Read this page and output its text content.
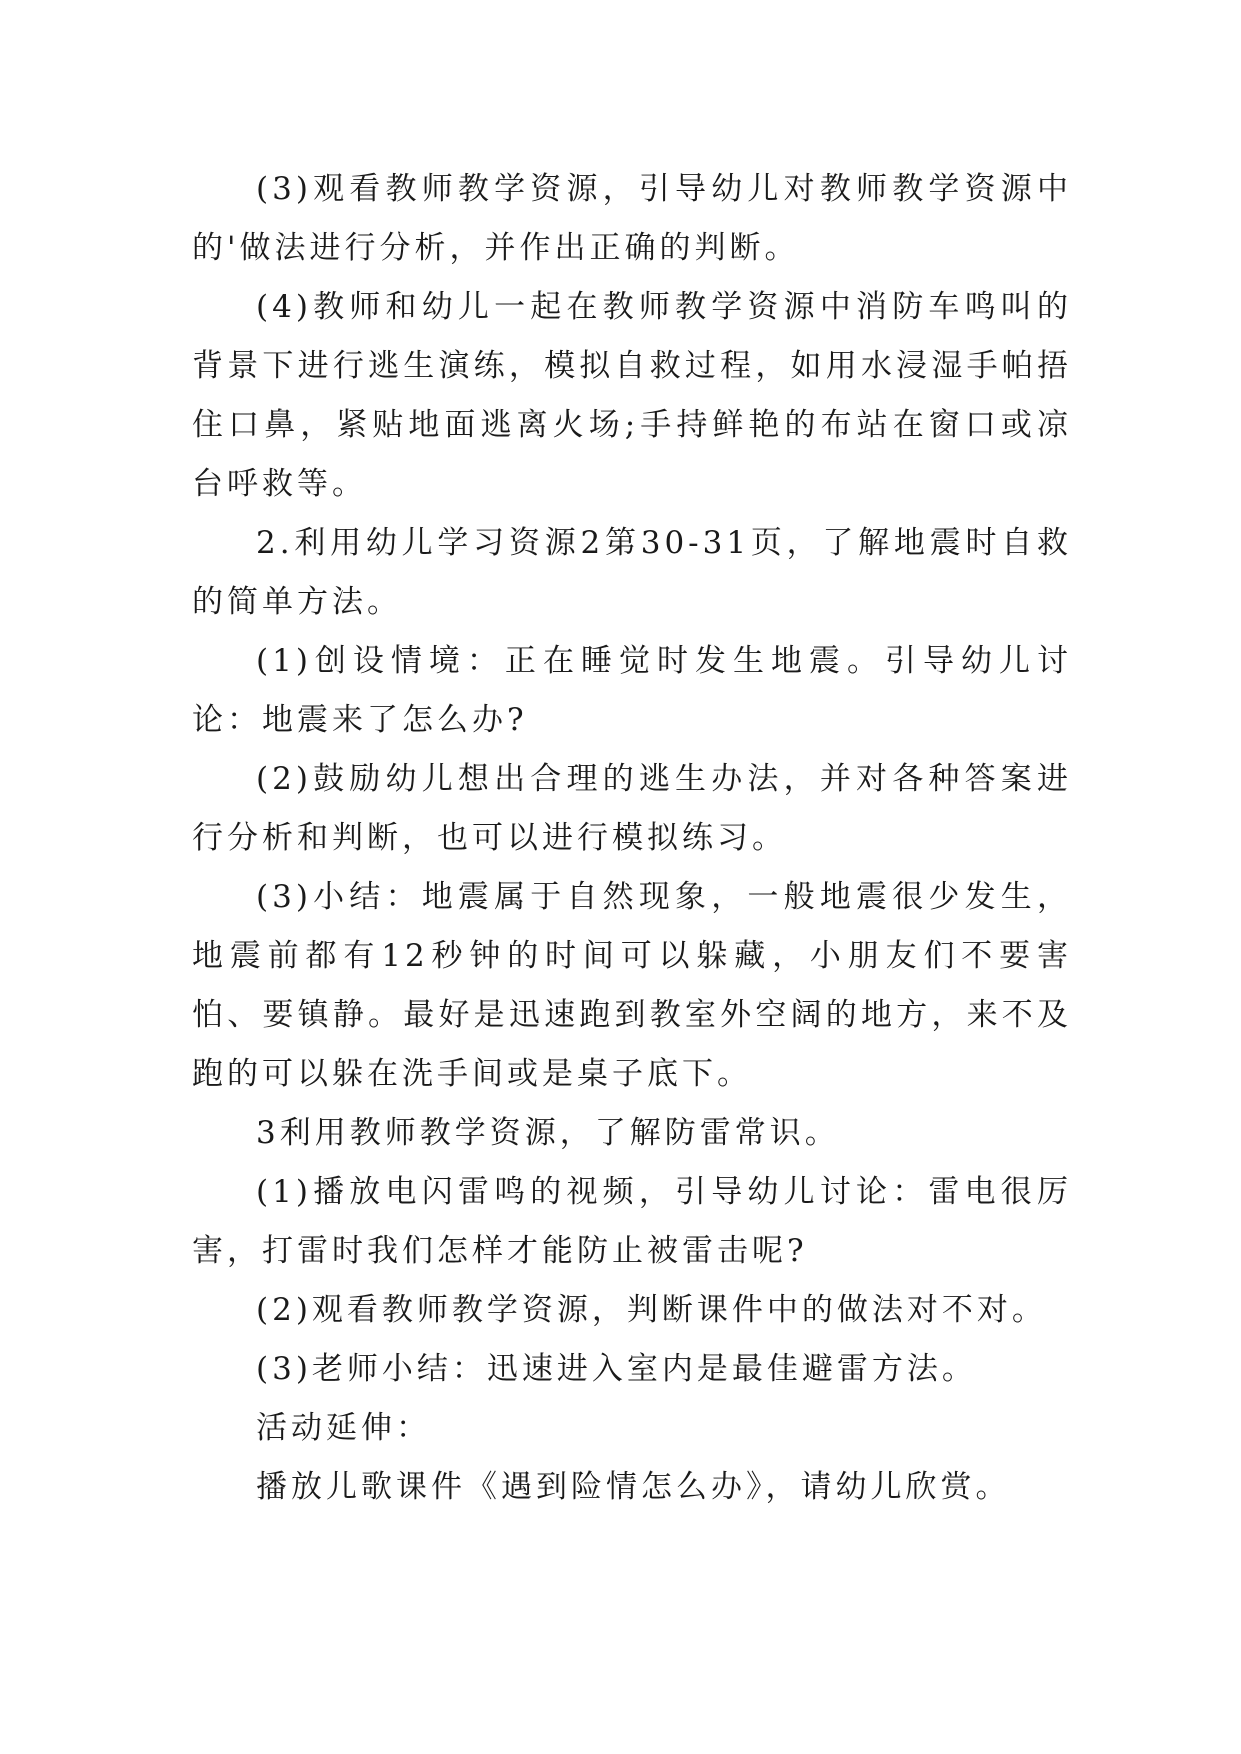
(3)观看教师教学资源，引导幼儿对教师教学资源中的'做法进行分析，并作出正确的判断。

(4)教师和幼儿一起在教师教学资源中消防车鸣叫的背景下进行逃生演练，模拟自救过程，如用水浸湿手帕捂住口鼻，紧贴地面逃离火场;手持鲜艳的布站在窗口或凉台呼救等。

2.利用幼儿学习资源2第30-31页，了解地震时自救的简单方法。

(1)创设情境：正在睡觉时发生地震。引导幼儿讨论：地震来了怎么办?

(2)鼓励幼儿想出合理的逃生办法，并对各种答案进行分析和判断，也可以进行模拟练习。

(3)小结：地震属于自然现象，一般地震很少发生，地震前都有12秒钟的时间可以躲藏，小朋友们不要害怕、要镇静。最好是迅速跑到教室外空阔的地方，来不及跑的可以躲在洗手间或是桌子底下。

3利用教师教学资源，了解防雷常识。

(1)播放电闪雷鸣的视频，引导幼儿讨论：雷电很厉害，打雷时我们怎样才能防止被雷击呢?

(2)观看教师教学资源，判断课件中的做法对不对。

(3)老师小结：迅速进入室内是最佳避雷方法。

活动延伸：

播放儿歌课件《遇到险情怎么办》，请幼儿欣赏。
